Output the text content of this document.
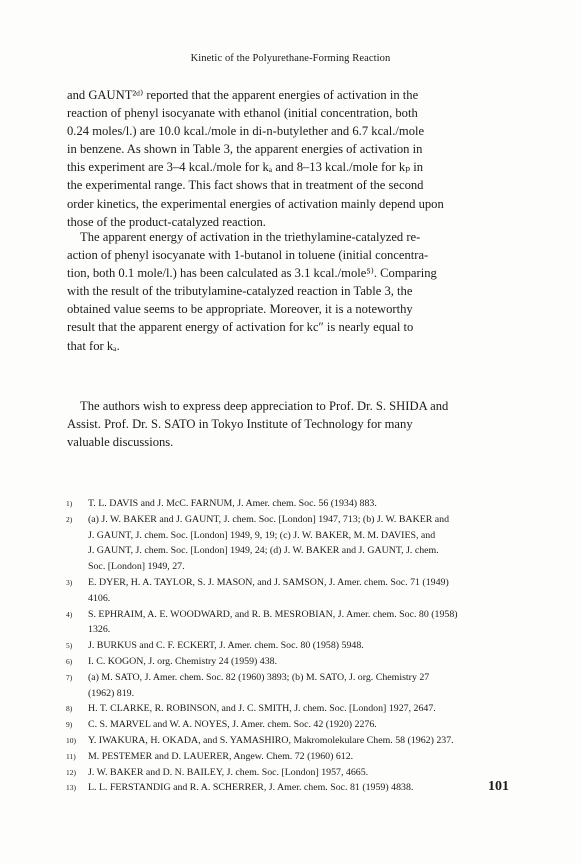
Kinetic of the Polyurethane-Forming Reaction

and GAUNT²ᵈ⁾ reported that the apparent energies of activation in the
reaction of phenyl isocyanate with ethanol (initial concentration, both
0.24 moles/l.) are 10.0 kcal./mole in di-n-butylether and 6.7 kcal./mole
in benzene. As shown in Table 3, the apparent energies of activation in
this experiment are 3–4 kcal./mole for kₐ and 8–13 kcal./mole for kₚ in
the experimental range. This fact shows that in treatment of the second
order kinetics, the experimental energies of activation mainly depend upon
those of the product-catalyzed reaction.

The apparent energy of activation in the triethylamine-catalyzed re-
action of phenyl isocyanate with 1-butanol in toluene (initial concentra-
tion, both 0.1 mole/l.) has been calculated as 3.1 kcal./mole⁵⁾. Comparing
with the result of the tributylamine-catalyzed reaction in Table 3, the
obtained value seems to be appropriate. Moreover, it is a noteworthy
result that the apparent energy of activation for kc″ is nearly equal to
that for kₐ.

The authors wish to express deep appreciation to Prof. Dr. S. SHIDA and
Assist. Prof. Dr. S. SATO in Tokyo Institute of Technology for many
valuable discussions.

1) T. L. DAVIS and J. McC. FARNUM, J. Amer. chem. Soc. 56 (1934) 883.
2) (a) J. W. BAKER and J. GAUNT, J. chem. Soc. [London] 1947, 713; (b) J. W. BAKER and
J. GAUNT, J. chem. Soc. [London] 1949, 9, 19; (c) J. W. BAKER, M. M. DAVIES, and
J. GAUNT, J. chem. Soc. [London] 1949, 24; (d) J. W. BAKER and J. GAUNT, J. chem.
Soc. [London] 1949, 27.
3) E. DYER, H. A. TAYLOR, S. J. MASON, and J. SAMSON, J. Amer. chem. Soc. 71 (1949)
4106.
4) S. EPHRAIM, A. E. WOODWARD, and R. B. MESROBIAN, J. Amer. chem. Soc. 80 (1958)
1326.
5) J. BURKUS and C. F. ECKERT, J. Amer. chem. Soc. 80 (1958) 5948.
6) I. C. KOGON, J. org. Chemistry 24 (1959) 438.
7) (a) M. SATO, J. Amer. chem. Soc. 82 (1960) 3893; (b) M. SATO, J. org. Chemistry 27
(1962) 819.
8) H. T. CLARKE, R. ROBINSON, and J. C. SMITH, J. chem. Soc. [London] 1927, 2647.
9) C. S. MARVEL and W. A. NOYES, J. Amer. chem. Soc. 42 (1920) 2276.
10) Y. IWAKURA, H. OKADA, and S. YAMASHIRO, Makromolekulare Chem. 58 (1962) 237.
11) M. PESTEMER and D. LAUERER, Angew. Chem. 72 (1960) 612.
12) J. W. BAKER and D. N. BAILEY, J. chem. Soc. [London] 1957, 4665.
13) L. L. FERSTANDIG and R. A. SCHERRER, J. Amer. chem. Soc. 81 (1959) 4838.	101
